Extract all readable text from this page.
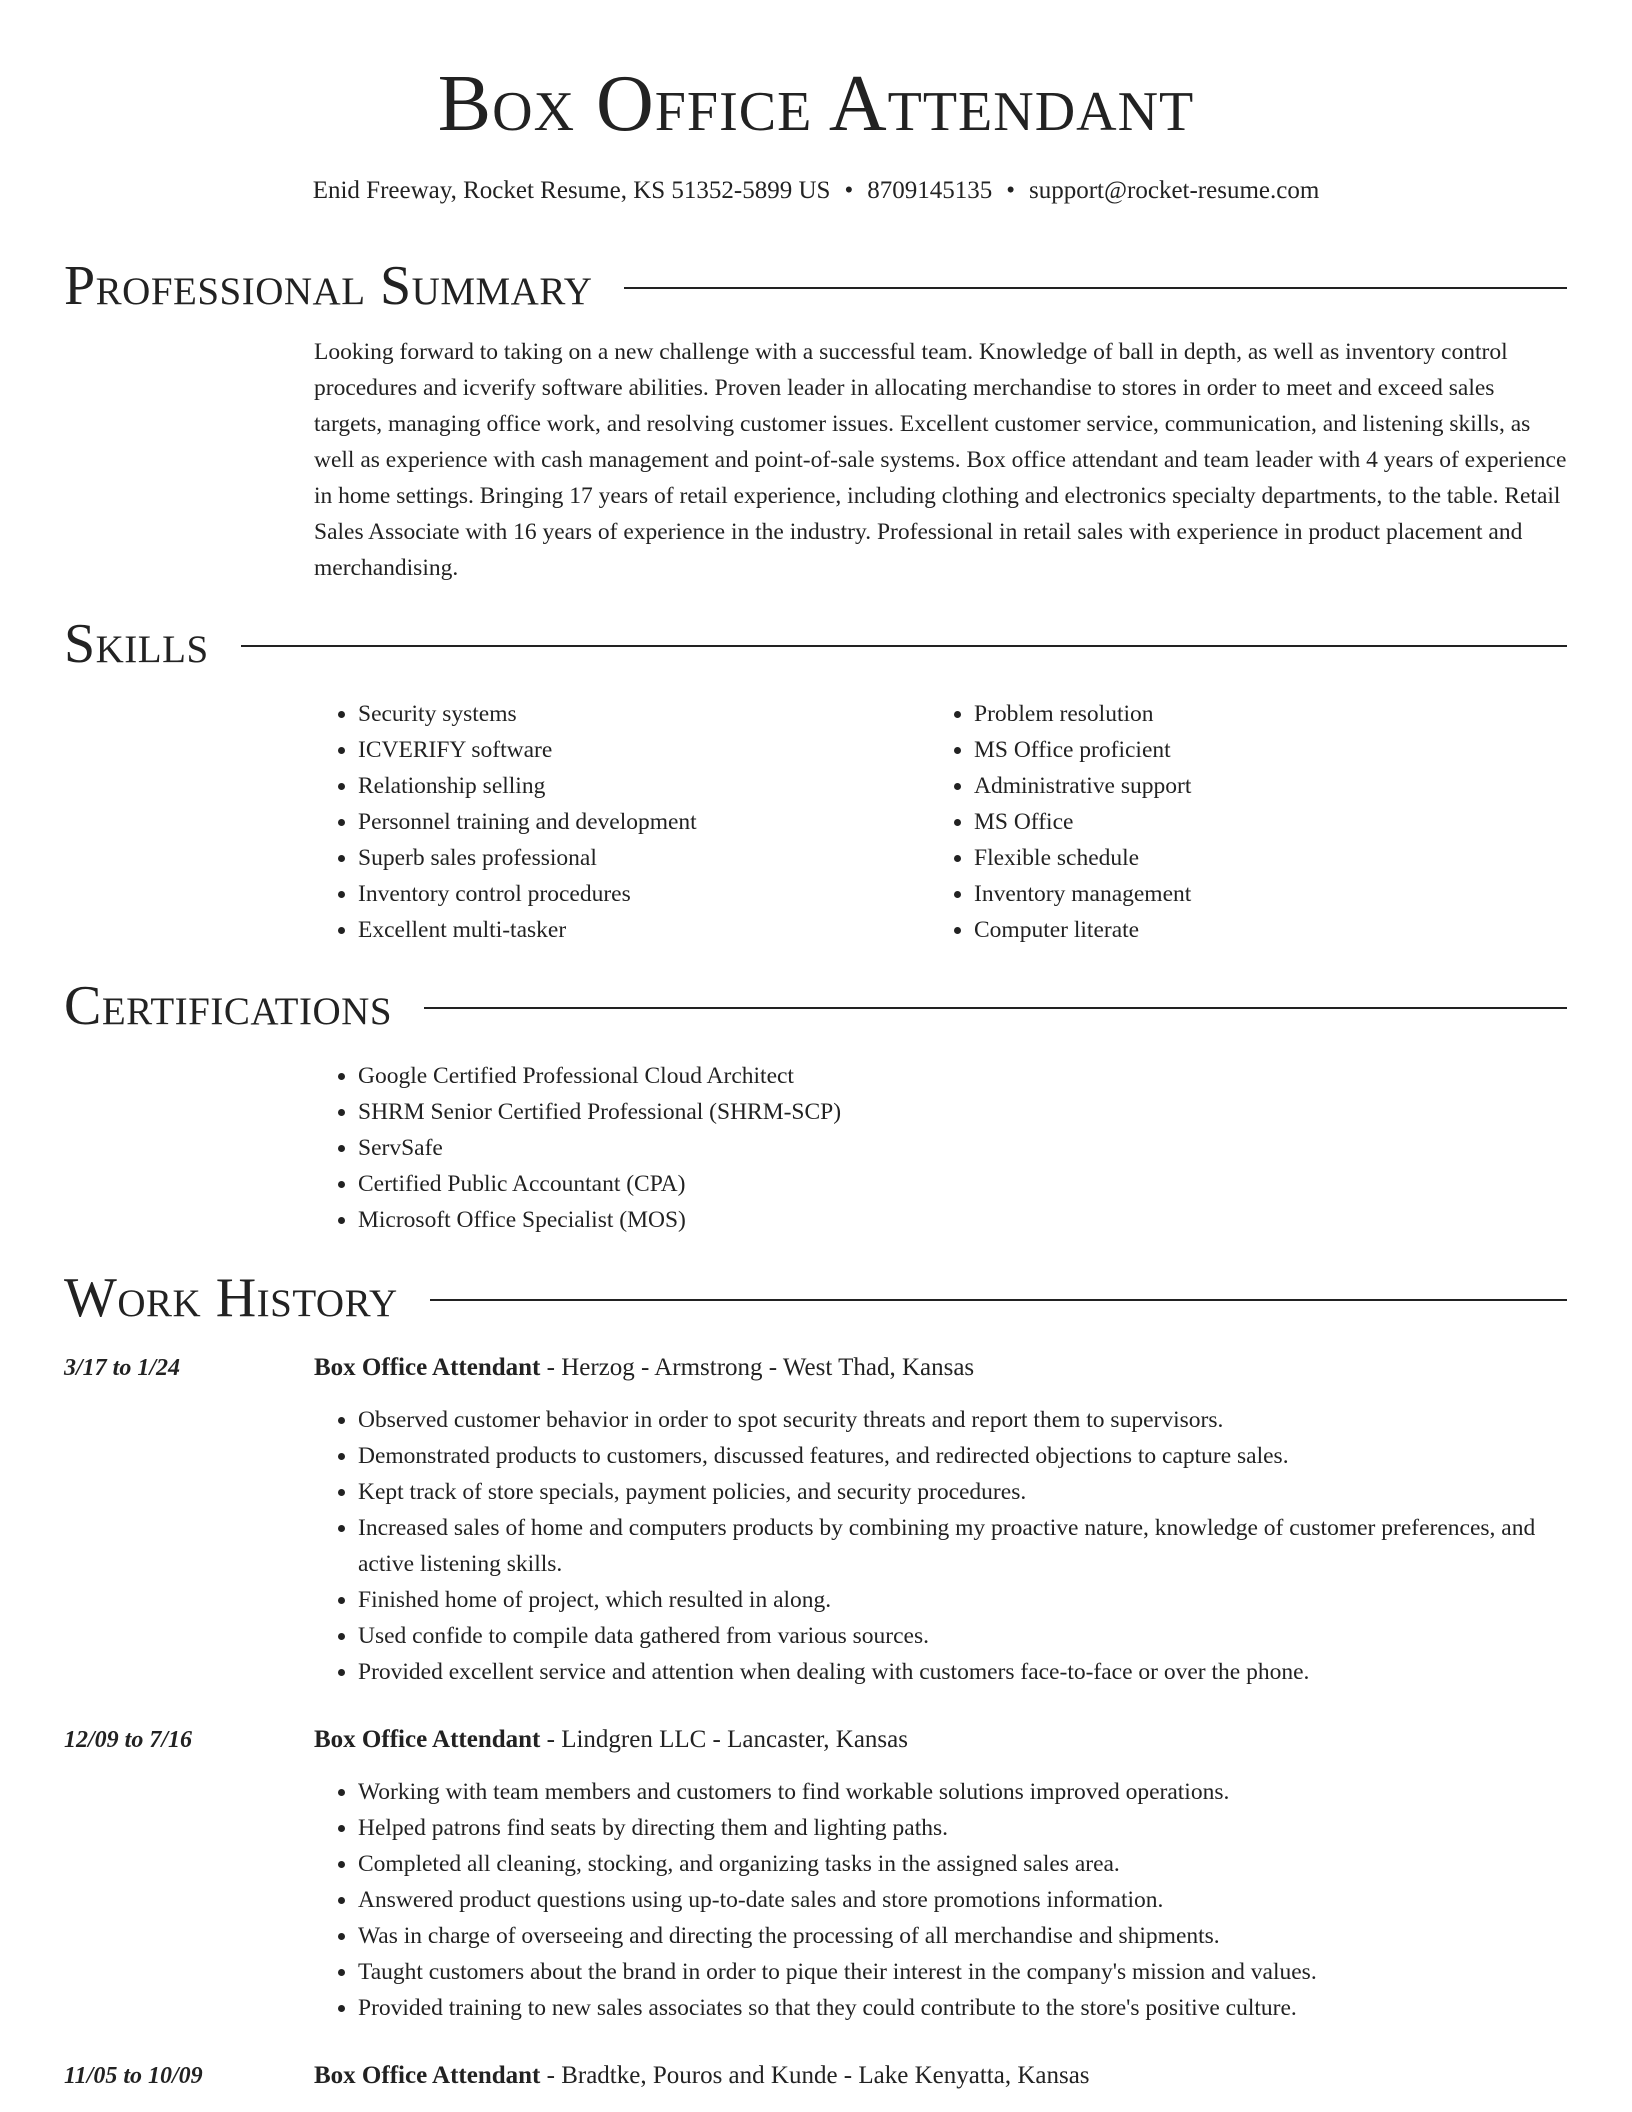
Box Office Attendant
Enid Freeway, Rocket Resume, KS 51352-5899 US • 8709145135 • support@rocket-resume.com
Professional Summary

Looking forward to taking on a new challenge with a successful team. Knowledge of ball in depth, as well as inventory control procedures and icverify software abilities. Proven leader in allocating merchandise to stores in order to meet and exceed sales targets, managing office work, and resolving customer issues. Excellent customer service, communication, and listening skills, as well as experience with cash management and point-of-sale systems. Box office attendant and team leader with 4 years of experience in home settings. Bringing 17 years of retail experience, including clothing and electronics specialty departments, to the table. Retail Sales Associate with 16 years of experience in the industry. Professional in retail sales with experience in product placement and merchandising.

Skills
• Security systems
• ICVERIFY software
• Relationship selling
• Personnel training and development
• Superb sales professional
• Inventory control procedures
• Excellent multi-tasker
• Problem resolution
• MS Office proficient
• Administrative support
• MS Office
• Flexible schedule
• Inventory management
• Computer literate
Certifications
• Google Certified Professional Cloud Architect
• SHRM Senior Certified Professional (SHRM-SCP)
• ServSafe
• Certified Public Accountant (CPA)
• Microsoft Office Specialist (MOS)
Work History
3/17 to 1/24	Box Office Attendant - Herzog - Armstrong - West Thad, Kansas
• Observed customer behavior in order to spot security threats and report them to supervisors.
• Demonstrated products to customers, discussed features, and redirected objections to capture sales.
• Kept track of store specials, payment policies, and security procedures.
• Increased sales of home and computers products by combining my proactive nature, knowledge of customer preferences, and active listening skills.
• Finished home of project, which resulted in along.
• Used confide to compile data gathered from various sources.
• Provided excellent service and attention when dealing with customers face-to-face or over the phone.
12/09 to 7/16	Box Office Attendant - Lindgren LLC - Lancaster, Kansas
• Working with team members and customers to find workable solutions improved operations.
• Helped patrons find seats by directing them and lighting paths.
• Completed all cleaning, stocking, and organizing tasks in the assigned sales area.
• Answered product questions using up-to-date sales and store promotions information.
• Was in charge of overseeing and directing the processing of all merchandise and shipments.
• Taught customers about the brand in order to pique their interest in the company's mission and values.
• Provided training to new sales associates so that they could contribute to the store's positive culture.
11/05 to 10/09	Box Office Attendant - Bradtke, Pouros and Kunde - Lake Kenyatta, Kansas
